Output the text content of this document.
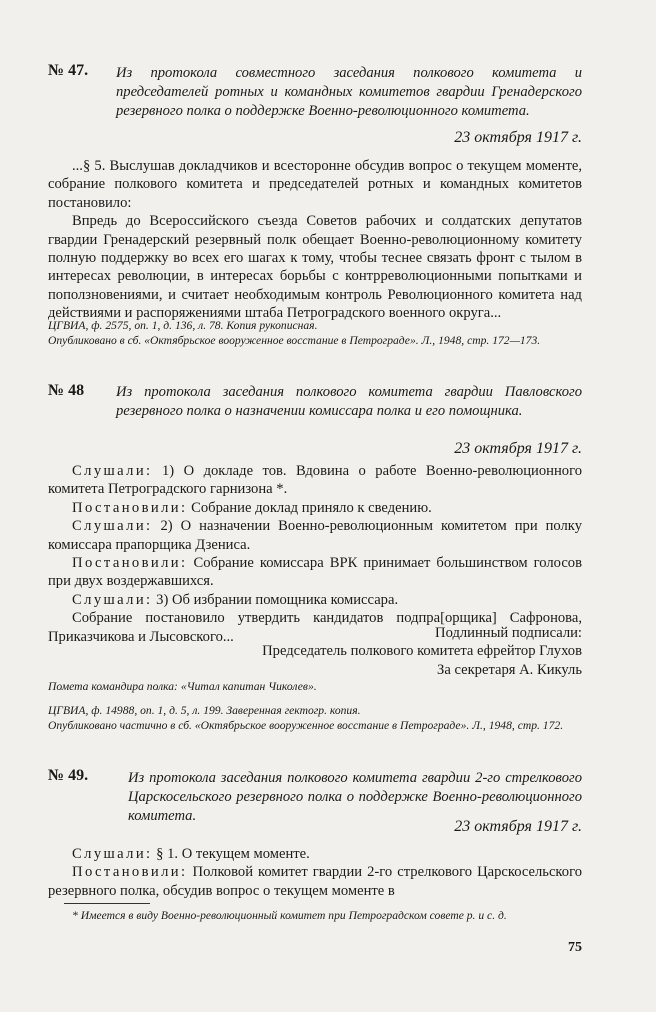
№ 47. Из протокола совместного заседания полкового комитета и председателей ротных и командных комитетов гвардии Гренадерского резервного полка о поддержке Военно-революционного комитета.
23 октября 1917 г.

...§ 5. Выслушав докладчиков и всесторонне обсудив вопрос о текущем моменте, собрание полкового комитета и председателей ротных и командных комитетов постановило:

Впредь до Всероссийского съезда Советов рабочих и солдатских депутатов гвардии Гренадерский резервный полк обещает Военно-революционному комитету полную поддержку во всех его шагах к тому, чтобы теснее связать фронт с тылом в интересах революции, в интересах борьбы с контрреволюционными попытками и поползновениями, и считает необходимым контроль Революционного комитета над действиями и распоряжениями штаба Петроградского военного округа...

ЦГВИА, ф. 2575, оп. 1, д. 136, л. 78. Копия рукописная.

Опубликовано в сб. «Октябрьское вооруженное восстание в Петрограде». Л., 1948, стр. 172—173.

№ 48 Из протокола заседания полкового комитета гвардии Павловского резервного полка о назначении комиссара полка и его помощника.
23 октября 1917 г.

Слушали: 1) О докладе тов. Вдовина о работе Военно-революционного комитета Петроградского гарнизона *.

Постановили: Собрание доклад приняло к сведению.

Слушали: 2) О назначении Военно-революционным комитетом при полку комиссара прапорщика Дзениса.

Постановили: Собрание комиссара ВРК принимает большинством голосов при двух воздержавшихся.

Слушали: 3) Об избрании помощника комиссара.

Собрание постановило утвердить кандидатов подпра[орщика] Сафронова, Приказчикова и Лысовского...	Подлинный подписали:
Председатель полкового комитета ефрейтор Глухов
За секретаря А. Кикуль

Помета командира полка: «Читал капитан Чиколев».

ЦГВИА, ф. 14988, оп. 1, д. 5, л. 199. Заверенная гектогр. копия.

Опубликовано частично в сб. «Октябрьское вооруженное восстание в Петрограде». Л., 1948, стр. 172.

№ 49.	Из протокола заседания полкового комитета гвардии 2-го стрелкового Царскосельского резервного полка о поддержке Военно-революционного комитета.
23 октября 1917 г.

Слушали: § 1. О текущем моменте.

Постановили: Полковой комитет гвардии 2-го стрелкового Царскосельского резервного полка, обсудив вопрос о текущем моменте в

* Имеется в виду Военно-революционный комитет при Петроградском совете р. и с. д.
75
